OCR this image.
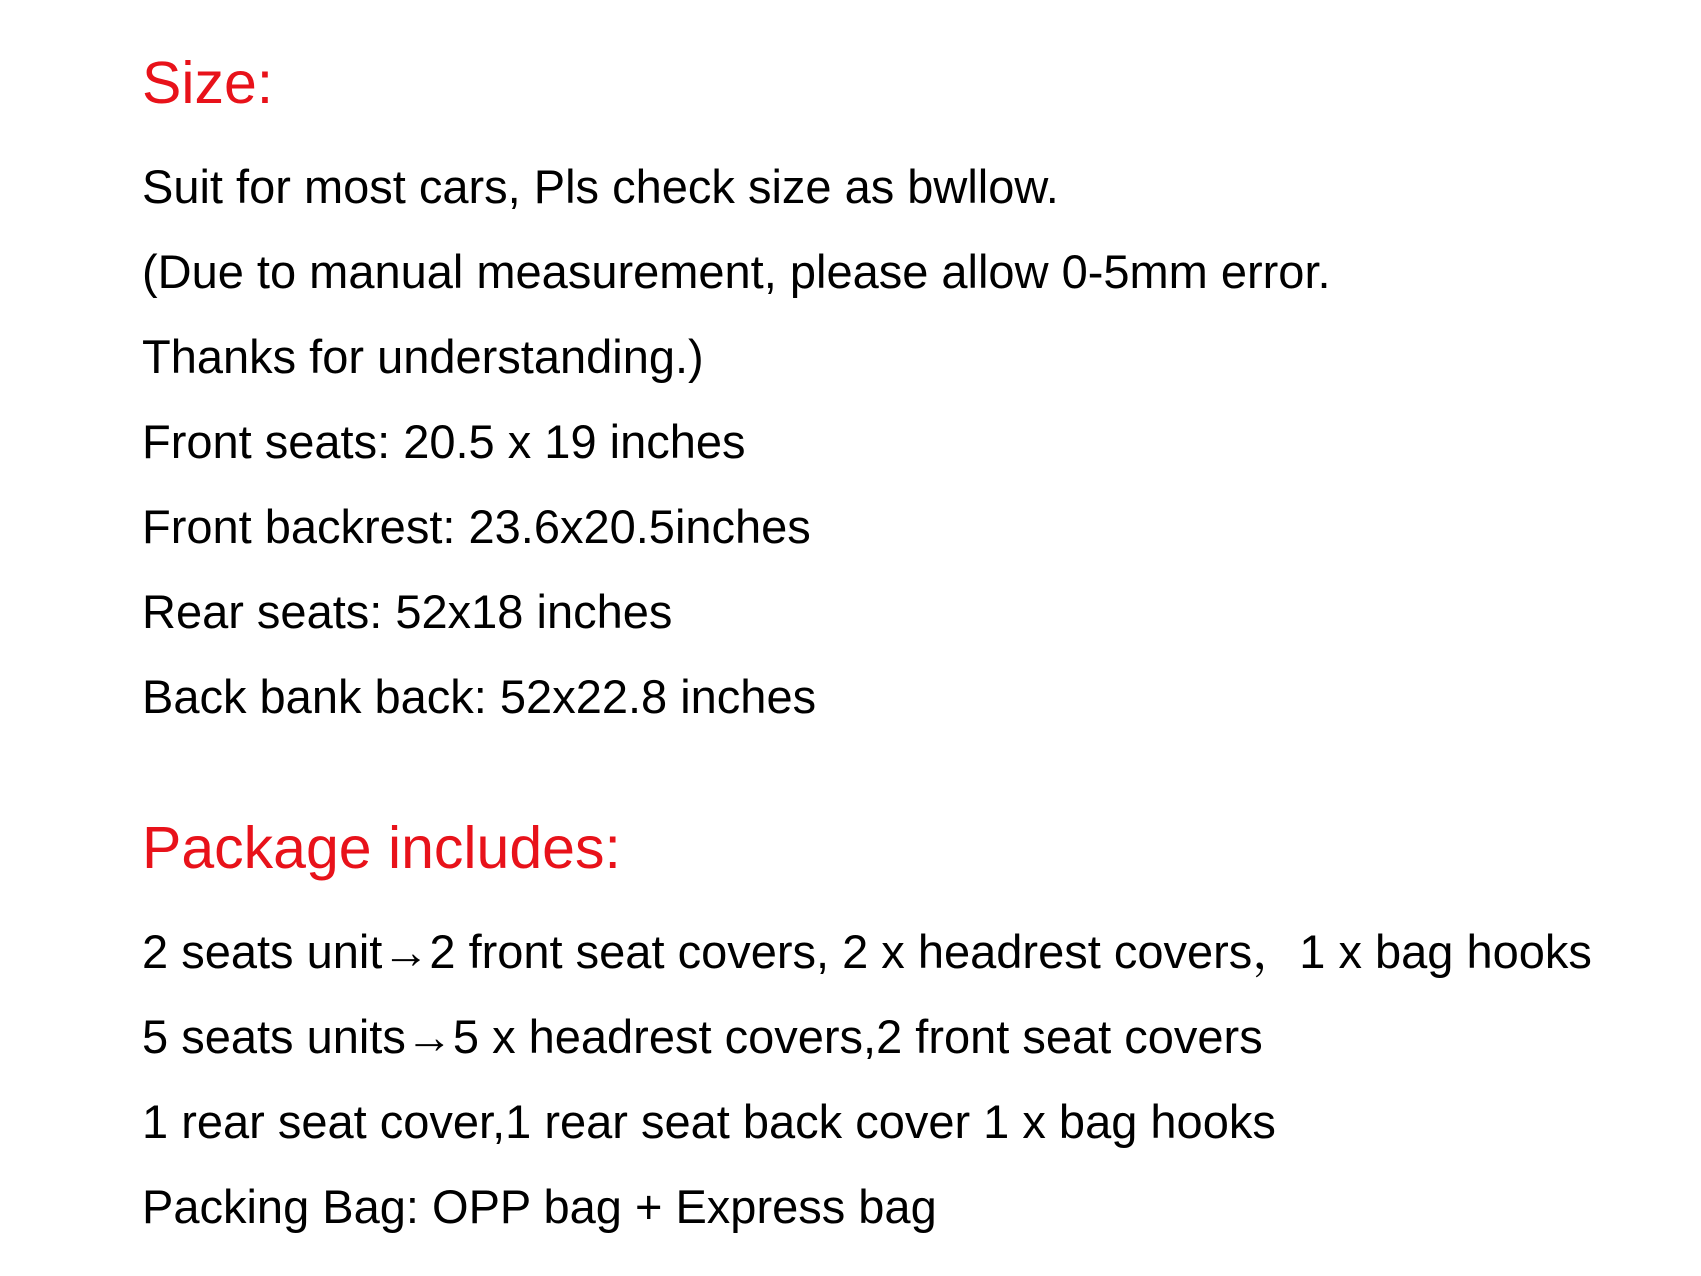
Size:

Suit for most cars, Pls check size as bwllow.

(Due to manual measurement, please allow 0-5mm error.

Thanks for understanding.)

Front seats: 20.5 x 19 inches

Front backrest: 23.6x20.5inches

Rear seats: 52x18 inches

Back bank back: 52x22.8 inches

Package includes:

2 seats unit→2 front seat covers, 2 x headrest covers，1 x bag hooks

5 seats units→5 x headrest covers,2 front seat covers

1 rear seat cover,1 rear seat back cover 1 x bag hooks

Packing Bag: OPP bag + Express bag
